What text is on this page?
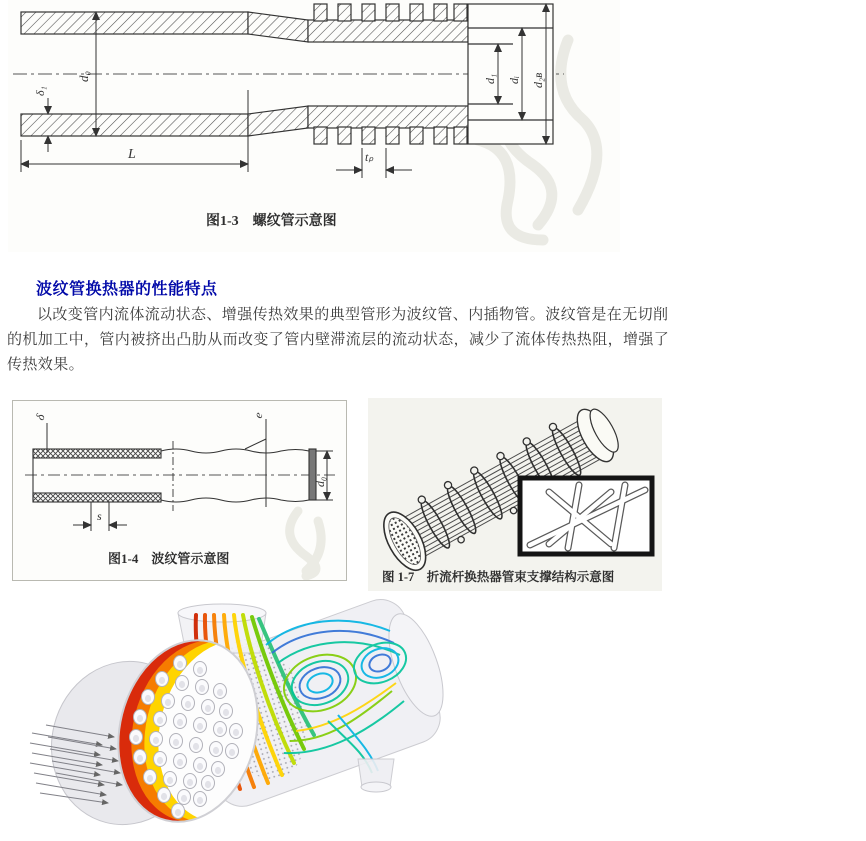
d₀
δ₁
L	tₚ
d₁ dᵢ d₂ʙ
图1-3　螺纹管示意图
波纹管换热器的性能特点
以改变管内流体流动状态、增强传热效果的典型管形为波纹管、内插物管。波纹管是在无切削
的机加工中，管内被挤出凸肋从而改变了管内壁滞流层的流动状态，减少了流体传热热阻，增强了
传热效果。
δ
s
e
d₀
图1-4　波纹管示意图
图 1-7　折流杆换热器管束支撑结构示意图
